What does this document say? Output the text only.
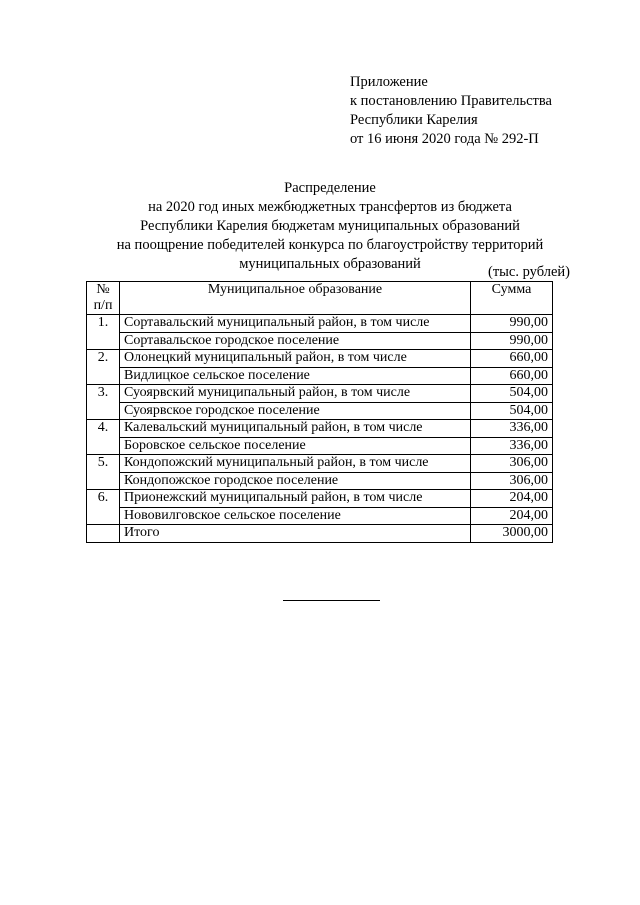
Приложение
к постановлению Правительства
Республики Карелия
от 16 июня 2020 года № 292-П
Распределение
на 2020 год иных межбюджетных трансфертов из бюджета
Республики Карелия бюджетам муниципальных образований
на поощрение победителей конкурса по благоустройству территорий
муниципальных образований	(тыс. рублей)
№
п/п	Муниципальное образование	Сумма
1.	Сортавальский муниципальный район, в том числе	990,00
	Сортавальское городское поселение	990,00
2.	Олонецкий муниципальный район, в том числе	660,00
	Видлицкое сельское поселение	660,00
3.	Суоярвский муниципальный район, в том числе	504,00
	Суоярвское городское поселение	504,00
4.	Калевальский муниципальный район, в том числе	336,00
	Боровское сельское поселение	336,00
5.	Кондопожский муниципальный район, в том числе	306,00
	Кондопожское городское поселение	306,00
6.	Прионежский муниципальный район, в том числе	204,00
	Нововилговское сельское поселение	204,00
	Итого	3000,00
